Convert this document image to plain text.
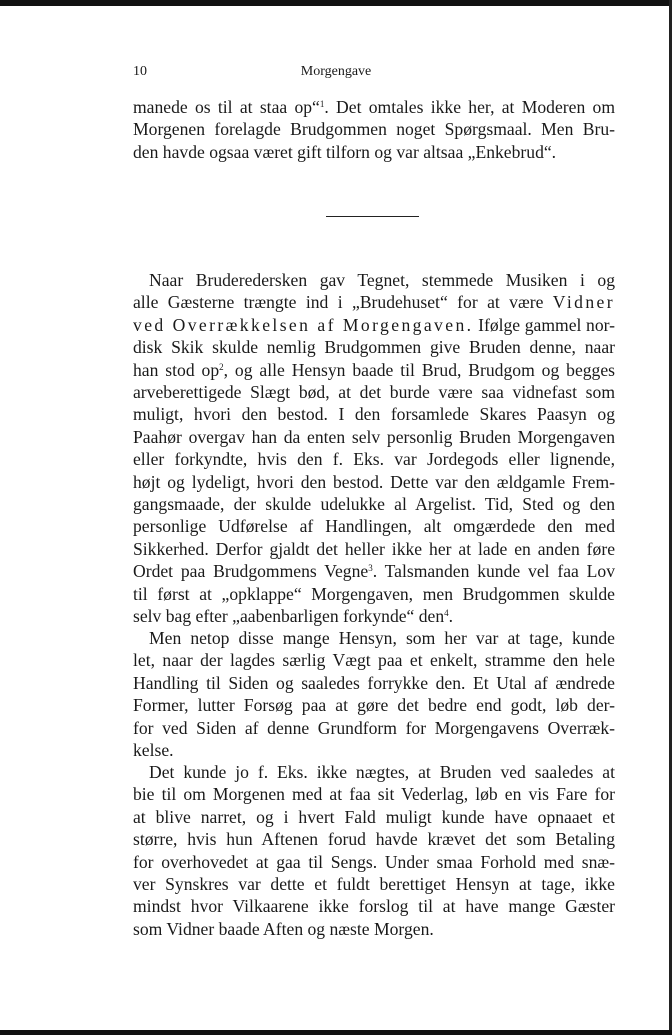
10	Morgengave
manede os til at staa op“$^1$. Det omtales ikke her, at Moderen om
Morgenen forelagde Brudgommen noget Spørgsmaal. Men Bru-
den havde ogsaa været gift tilforn og var altsaa „Enkebrud“.
Naar Bruderedersken gav Tegnet, stemmede Musiken i og
alle Gæsterne trængte ind i „Brudehuset“ for at være Vidner
ved Overrækkelsen af Morgengaven. Ifølge gammel nor-
disk Skik skulde nemlig Brudgommen give Bruden denne, naar
han stod $op^2$, og alle Hensyn baade til Brud, Brudgom og begges
arveberettigede Slægt bød, at det burde være saa vidnefast som
muligt, hvori den bestod. I den forsamlede Skares Paasyn og
Paahør overgav han da enten selv personlig Bruden Morgengaven
eller forkyndte, hvis den f. Eks. var Jordegods eller lignende,
højt og lydeligt, hvori den bestod. Dette var den ældgamle Frem-
gangsmaade, der skulde udelukke al Argelist. Tid, Sted og den
personlige Udførelse af Handlingen, alt omgærdede den med
Sikkerhed. Derfor gjaldt det heller ikke her at lade en anden føre
Ordet paa Brudgommens Vegne$^3$. Talsmanden kunde vel faa Lov
til først at „opklappe“ Morgengaven, men Brudgommen skulde
selv bag efter „aabenbarligen forkynde“ den$^4$.
Men netop disse mange Hensyn, som her var at tage, kunde
let, naar der lagdes særlig Vægt paa et enkelt, stramme den hele
Handling til Siden og saaledes forrykke den. Et Utal af ændrede
Former, lutter Forsøg paa at gøre det bedre end godt, løb der-
for ved Siden af denne Grundform for Morgengavens Overræk-
kelse.
Det kunde jo f. Eks. ikke nægtes, at Bruden ved saaledes at
bie til om Morgenen med at faa sit Vederlag, løb en vis Fare for
at blive narret, og i hvert Fald muligt kunde have opnaaet et
større, hvis hun Aftenen forud havde krævet det som Betaling
for overhovedet at gaa til Sengs. Under smaa Forhold med snæ-
ver Synskres var dette et fuldt berettiget Hensyn at tage, ikke
mindst hvor Vilkaarene ikke forslog til at have mange Gæster
som Vidner baade Aften og næste Morgen.
